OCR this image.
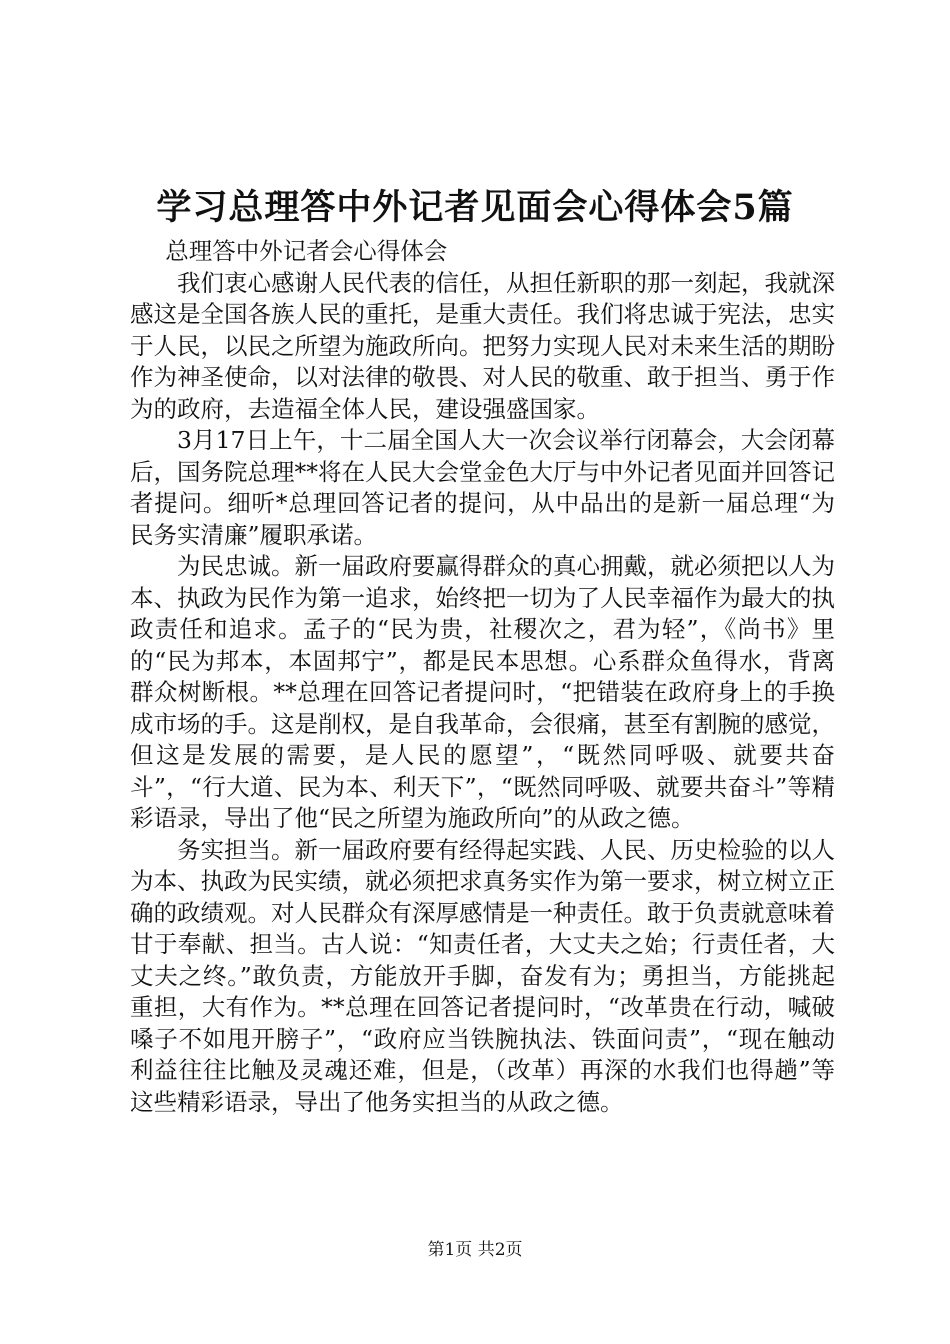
学习总理答中外记者见面会心得体会5篇

总理答中外记者会心得体会

我们衷心感谢人民代表的信任，从担任新职的那一刻起，我就深感这是全国各族人民的重托，是重大责任。我们将忠诚于宪法，忠实于人民，以民之所望为施政所向。把努力实现人民对未来生活的期盼作为神圣使命，以对法律的敬畏、对人民的敬重、敢于担当、勇于作为的政府，去造福全体人民，建设强盛国家。

3月17日上午，十二届全国人大一次会议举行闭幕会，大会闭幕后，国务院总理**将在人民大会堂金色大厅与中外记者见面并回答记者提问。细听*总理回答记者的提问，从中品出的是新一届总理“为民务实清廉”履职承诺。

为民忠诚。新一届政府要赢得群众的真心拥戴，就必须把以人为本、执政为民作为第一追求，始终把一切为了人民幸福作为最大的执政责任和追求。孟子的“民为贵，社稷次之，君为轻”，《尚书》里的“民为邦本，本固邦宁”，都是民本思想。心系群众鱼得水，背离群众树断根。**总理在回答记者提问时，“把错装在政府身上的手换成市场的手。这是削权，是自我革命，会很痛，甚至有割腕的感觉，但这是发展的需要，是人民的愿望”，“既然同呼吸、就要共奋斗”，“行大道、民为本、利天下”，“既然同呼吸、就要共奋斗”等精彩语录，导出了他“民之所望为施政所向”的从政之德。

务实担当。新一届政府要有经得起实践、人民、历史检验的以人为本、执政为民实绩，就必须把求真务实作为第一要求，树立树立正确的政绩观。对人民群众有深厚感情是一种责任。敢于负责就意味着甘于奉献、担当。古人说：“知责任者，大丈夫之始；行责任者，大丈夫之终。”敢负责，方能放开手脚，奋发有为；勇担当，方能挑起重担，大有作为。**总理在回答记者提问时，“改革贵在行动，喊破嗓子不如甩开膀子”，“政府应当铁腕执法、铁面问责”，“现在触动利益往往比触及灵魂还难，但是，（改革）再深的水我们也得趟”等这些精彩语录，导出了他务实担当的从政之德。

第1页 共2页
